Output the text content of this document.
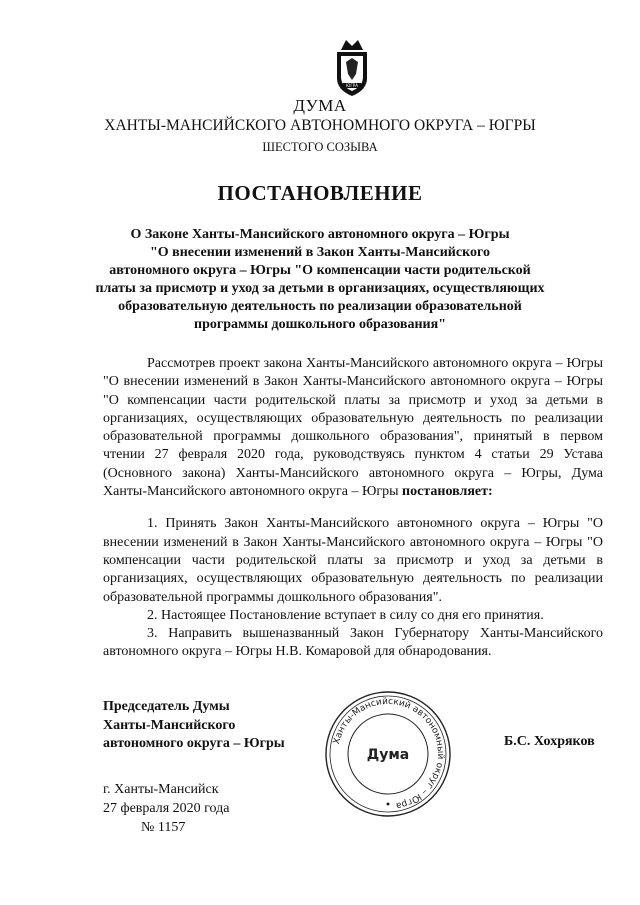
ЮГРА
ДУМА
ХАНТЫ-МАНСИЙСКОГО АВТОНОМНОГО ОКРУГА – ЮГРЫ
ШЕСТОГО СОЗЫВА
ПОСТАНОВЛЕНИЕ
О Законе Ханты-Мансийского автономного округа – Югры
"О внесении изменений в Закон Ханты-Мансийского
автономного округа – Югры "О компенсации части родительской
платы за присмотр и уход за детьми в организациях, осуществляющих
образовательную деятельность по реализации образовательной
программы дошкольного образования"

Рассмотрев проект закона Ханты-Мансийского автономного округа – Югры "О внесении изменений в Закон Ханты-Мансийского автономного округа – Югры "О компенсации части родительской платы за присмотр и уход за детьми в организациях, осуществляющих образовательную деятельность по реализации образовательной программы дошкольного образования", принятый в первом чтении 27 февраля 2020 года, руководствуясь пунктом 4 статьи 29 Устава (Основного закона) Ханты-Мансийского автономного округа – Югры, Дума Ханты-Мансийского автономного округа – Югры постановляет:

1. Принять Закон Ханты-Мансийского автономного округа – Югры "О внесении изменений в Закон Ханты-Мансийского автономного округа – Югры "О компенсации части родительской платы за присмотр и уход за детьми в организациях, осуществляющих образовательную деятельность по реализации образовательной программы дошкольного образования".

2. Настоящее Постановление вступает в силу со дня его принятия.

3. Направить вышеназванный Закон Губернатору Ханты-Мансийского автономного округа – Югры Н.В. Комаровой для обнародования.

Председатель Думы
Ханты-Мансийского
автономного округа – Югры	Ханты-Мансийский автономный округ – Югра
Дума
Б.С. Хохряков
г. Ханты-Мансийск
27 февраля 2020 года
№ 1157
